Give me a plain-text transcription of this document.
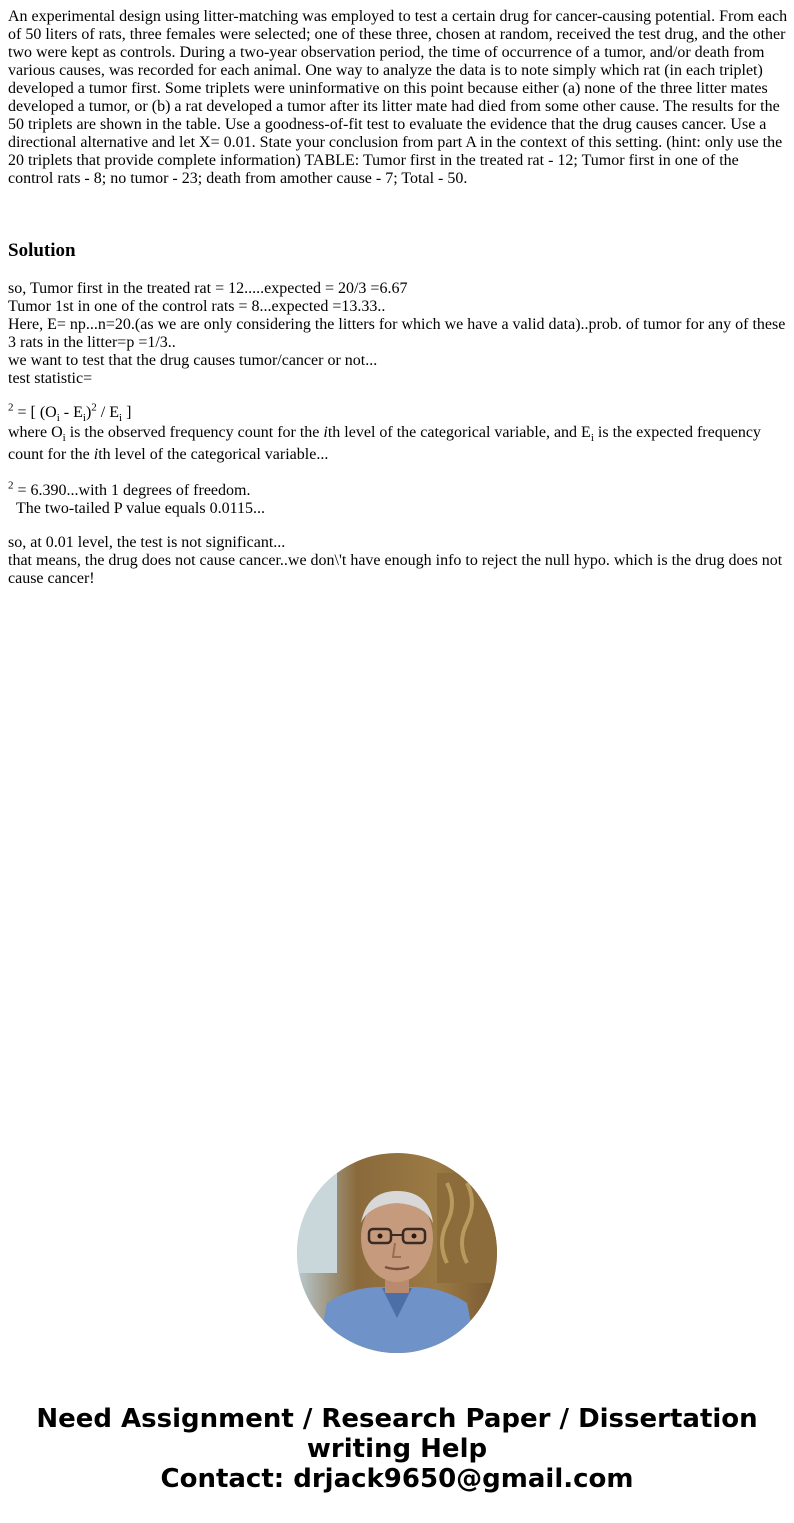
An experimental design using litter-matching was employed to test a certain drug for cancer-causing potential. From each of 50 liters of rats, three females were selected; one of these three, chosen at random, received the test drug, and the other two were kept as controls. During a two-year observation period, the time of occurrence of a tumor, and/or death from various causes, was recorded for each animal. One way to analyze the data is to note simply which rat (in each triplet) developed a tumor first. Some triplets were uninformative on this point because either (a) none of the three litter mates developed a tumor, or (b) a rat developed a tumor after its litter mate had died from some other cause. The results for the 50 triplets are shown in the table. Use a goodness-of-fit test to evaluate the evidence that the drug causes cancer. Use a directional alternative and let X= 0.01. State your conclusion from part A in the context of this setting. (hint: only use the 20 triplets that provide complete information) TABLE: Tumor first in the treated rat - 12; Tumor first in one of the control rats - 8; no tumor - 23; death from amother cause - 7; Total - 50.

Solution
so, Tumor first in the treated rat = 12.....expected = 20/3 =6.67
Tumor 1st in one of the control rats = 8...expected =13.33..
Here, E= np...n=20.(as we are only considering the litters for which we have a valid data)..prob. of tumor for any of these 3 rats in the litter=p =1/3..
we want to test that the drug causes tumor/cancer or not...
test statistic=
$^2$ = [ $(O_i - E_i)^2 / E_i$ ]
where $O_i$ is the observed frequency count for the ith level of the categorical variable, and $E_i$ is the expected frequency count for the ith level of the categorical variable...
$^2$ = 6.390...with 1 degrees of freedom.
The two-tailed P value equals 0.0115...
so, at 0.01 level, the test is not significant...
that means, the drug does not cause cancer..we don\'t have enough info to reject the null hypo. which is the drug does not cause cancer!
Need Assignment / Research Paper / Dissertation
writing Help
Contact: drjack9650@gmail.com
